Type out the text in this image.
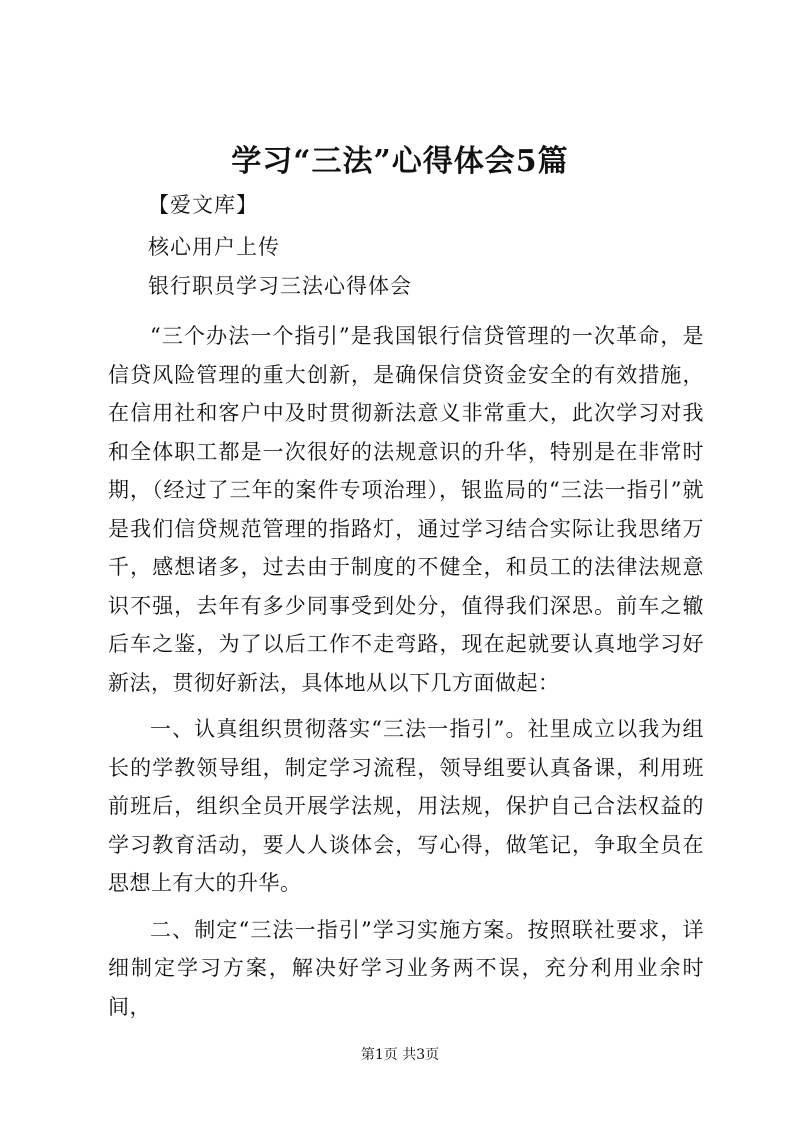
学习“三法”心得体会5篇

【爱文库】

核心用户上传

银行职员学习三法心得体会

“三个办法一个指引”是我国银行信贷管理的一次革命，是信贷风险管理的重大创新，是确保信贷资金安全的有效措施，在信用社和客户中及时贯彻新法意义非常重大，此次学习对我和全体职工都是一次很好的法规意识的升华，特别是在非常时期，（经过了三年的案件专项治理），银监局的“三法一指引”就是我们信贷规范管理的指路灯，通过学习结合实际让我思绪万千，感想诸多，过去由于制度的不健全，和员工的法律法规意识不强，去年有多少同事受到处分，值得我们深思。前车之辙后车之鉴，为了以后工作不走弯路，现在起就要认真地学习好新法，贯彻好新法，具体地从以下几方面做起：

一、认真组织贯彻落实“三法一指引”。社里成立以我为组长的学教领导组，制定学习流程，领导组要认真备课，利用班前班后，组织全员开展学法规，用法规，保护自己合法权益的学习教育活动，要人人谈体会，写心得，做笔记，争取全员在思想上有大的升华。

二、制定“三法一指引”学习实施方案。按照联社要求，详细制定学习方案，解决好学习业务两不误，充分利用业余时间，

第1页 共3页
